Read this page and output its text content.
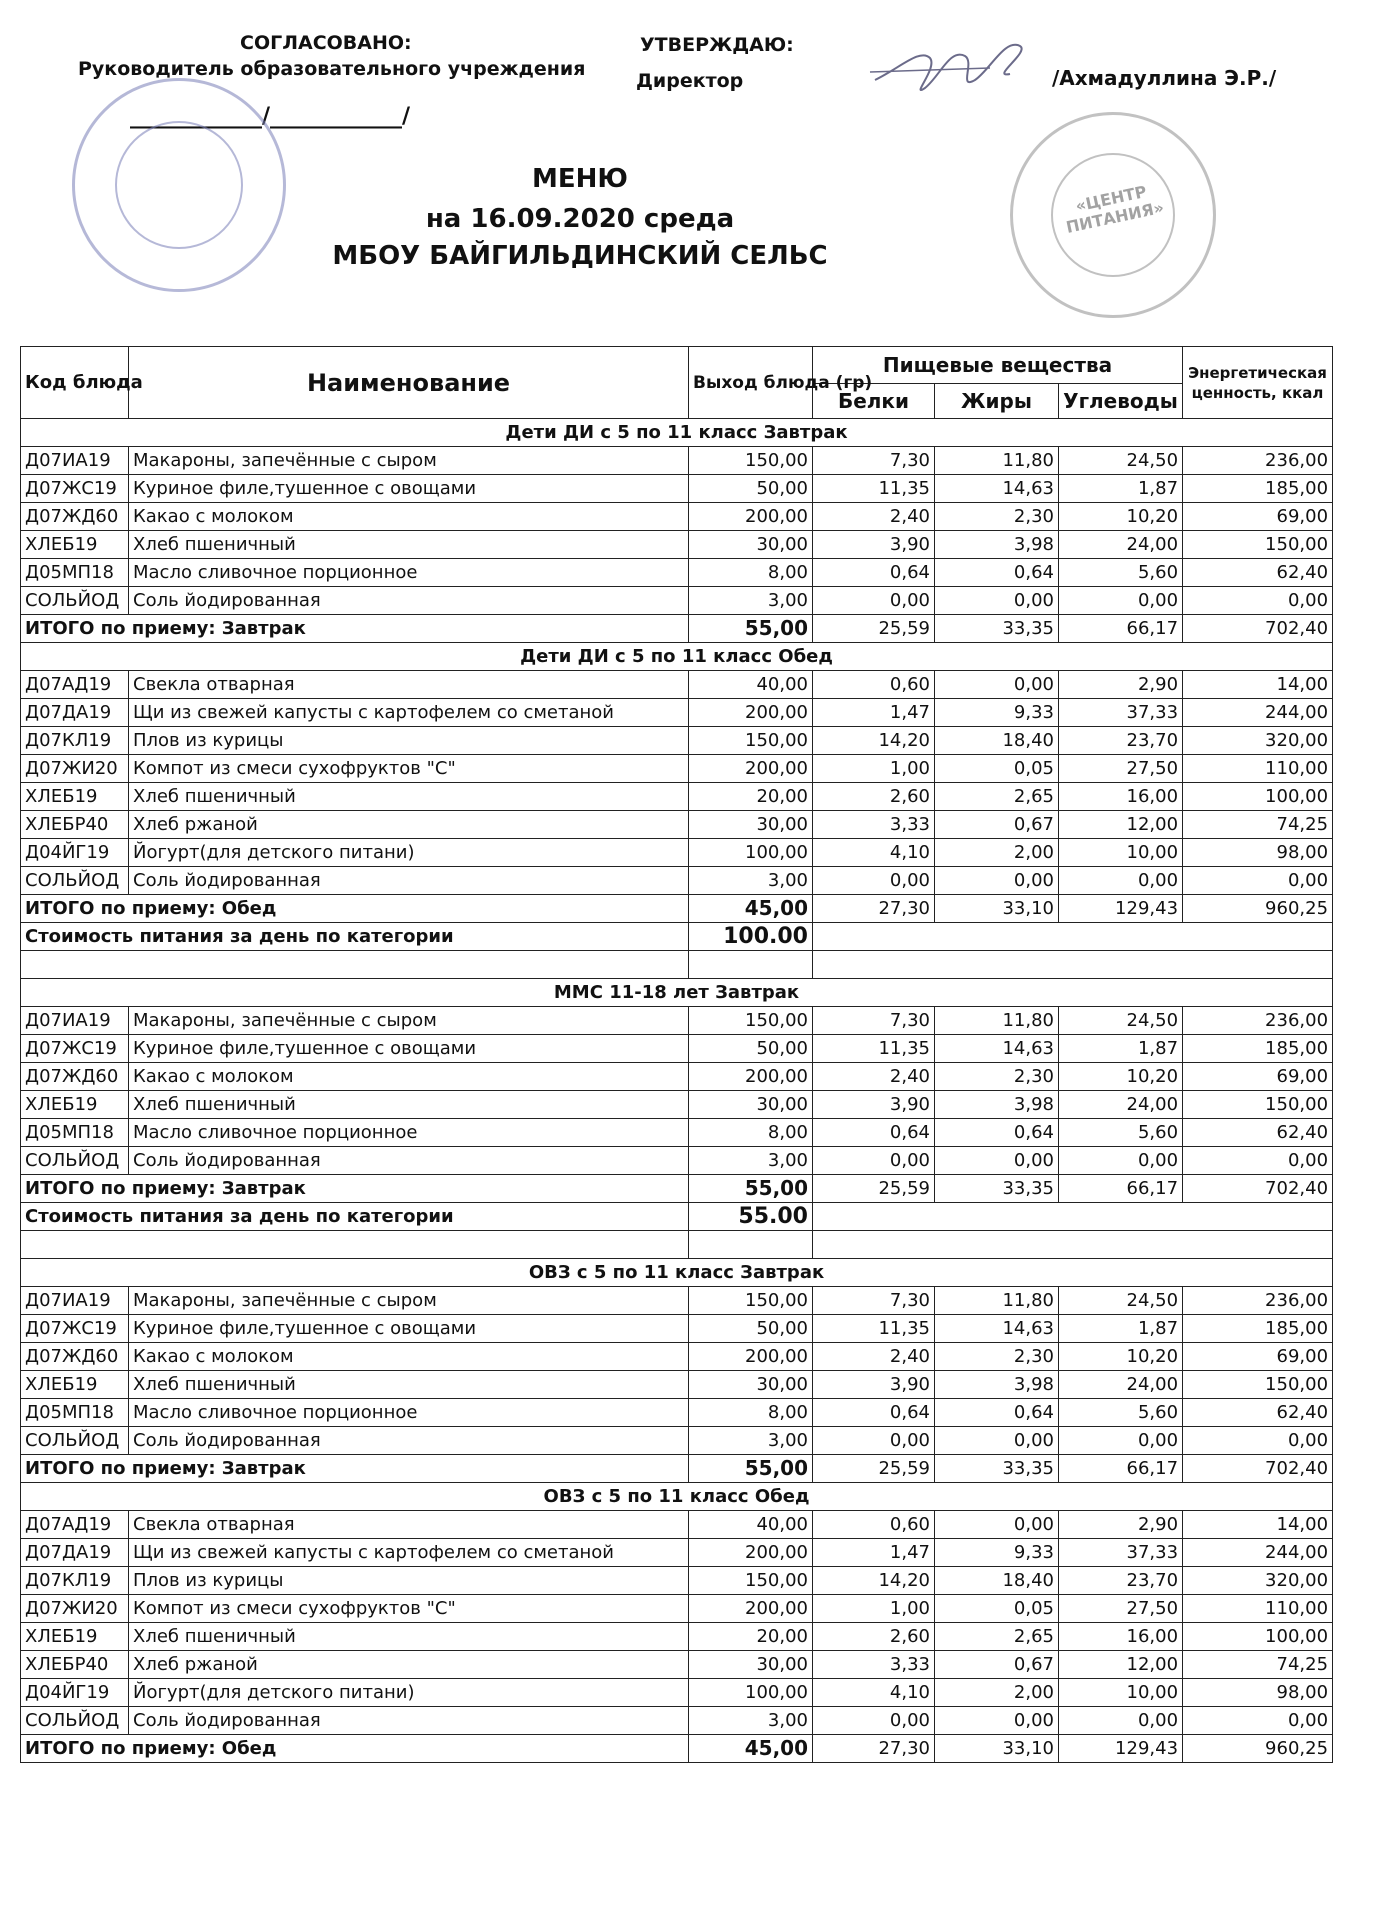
СОГЛАСОВАНО:
Руководитель образовательного учреждения
____________/____________/
УТВЕРЖДАЮ:
Директор	/Ахмадуллина Э.Р./
«ЦЕНТР ПИТАНИЯ»
МЕНЮ
на 16.09.2020 среда
МБОУ БАЙГИЛЬДИНСКИЙ СЕЛЬС
Код блюда	Наименование	Выход блюда (гр)	Пищевые вещества			Энергетическая ценность, ккал
			Белки	Жиры	Углеводы	
Дети ДИ с 5 по 11 класс Завтрак						
Д07ИА19	Макароны, запечённые с сыром	150,00	7,30	11,80	24,50	236,00
Д07ЖС19	Куриное филе,тушенное с овощами	50,00	11,35	14,63	1,87	185,00
Д07ЖД60	Какао с молоком	200,00	2,40	2,30	10,20	69,00
ХЛЕБ19	Хлеб пшеничный	30,00	3,90	3,98	24,00	150,00
Д05МП18	Масло сливочное порционное	8,00	0,64	0,64	5,60	62,40
СОЛЬЙОД	Соль йодированная	3,00	0,00	0,00	0,00	0,00
ИТОГО по приему: Завтрак		55,00	25,59	33,35	66,17	702,40
Дети ДИ с 5 по 11 класс Обед						
Д07АД19	Свекла отварная	40,00	0,60	0,00	2,90	14,00
Д07ДА19	Щи из свежей капусты с картофелем со сметаной	200,00	1,47	9,33	37,33	244,00
Д07КЛ19	Плов из курицы	150,00	14,20	18,40	23,70	320,00
Д07ЖИ20	Компот из смеси сухофруктов "С"	200,00	1,00	0,05	27,50	110,00
ХЛЕБ19	Хлеб пшеничный	20,00	2,60	2,65	16,00	100,00
ХЛЕБР40	Хлеб ржаной	30,00	3,33	0,67	12,00	74,25
Д04ЙГ19	Йогурт(для детского питани)	100,00	4,10	2,00	10,00	98,00
СОЛЬЙОД	Соль йодированная	3,00	0,00	0,00	0,00	0,00
ИТОГО по приему: Обед		45,00	27,30	33,10	129,43	960,25
Стоимость питания за день по категории		100.00				

ММС 11-18 лет Завтрак						
Д07ИА19	Макароны, запечённые с сыром	150,00	7,30	11,80	24,50	236,00
Д07ЖС19	Куриное филе,тушенное с овощами	50,00	11,35	14,63	1,87	185,00
Д07ЖД60	Какао с молоком	200,00	2,40	2,30	10,20	69,00
ХЛЕБ19	Хлеб пшеничный	30,00	3,90	3,98	24,00	150,00
Д05МП18	Масло сливочное порционное	8,00	0,64	0,64	5,60	62,40
СОЛЬЙОД	Соль йодированная	3,00	0,00	0,00	0,00	0,00
ИТОГО по приему: Завтрак		55,00	25,59	33,35	66,17	702,40
Стоимость питания за день по категории		55.00				

ОВЗ с 5 по 11 класс Завтрак						
Д07ИА19	Макароны, запечённые с сыром	150,00	7,30	11,80	24,50	236,00
Д07ЖС19	Куриное филе,тушенное с овощами	50,00	11,35	14,63	1,87	185,00
Д07ЖД60	Какао с молоком	200,00	2,40	2,30	10,20	69,00
ХЛЕБ19	Хлеб пшеничный	30,00	3,90	3,98	24,00	150,00
Д05МП18	Масло сливочное порционное	8,00	0,64	0,64	5,60	62,40
СОЛЬЙОД	Соль йодированная	3,00	0,00	0,00	0,00	0,00
ИТОГО по приему: Завтрак		55,00	25,59	33,35	66,17	702,40
ОВЗ с 5 по 11 класс Обед						
Д07АД19	Свекла отварная	40,00	0,60	0,00	2,90	14,00
Д07ДА19	Щи из свежей капусты с картофелем со сметаной	200,00	1,47	9,33	37,33	244,00
Д07КЛ19	Плов из курицы	150,00	14,20	18,40	23,70	320,00
Д07ЖИ20	Компот из смеси сухофруктов "С"	200,00	1,00	0,05	27,50	110,00
ХЛЕБ19	Хлеб пшеничный	20,00	2,60	2,65	16,00	100,00
ХЛЕБР40	Хлеб ржаной	30,00	3,33	0,67	12,00	74,25
Д04ЙГ19	Йогурт(для детского питани)	100,00	4,10	2,00	10,00	98,00
СОЛЬЙОД	Соль йодированная	3,00	0,00	0,00	0,00	0,00
ИТОГО по приему: Обед		45,00	27,30	33,10	129,43	960,25
